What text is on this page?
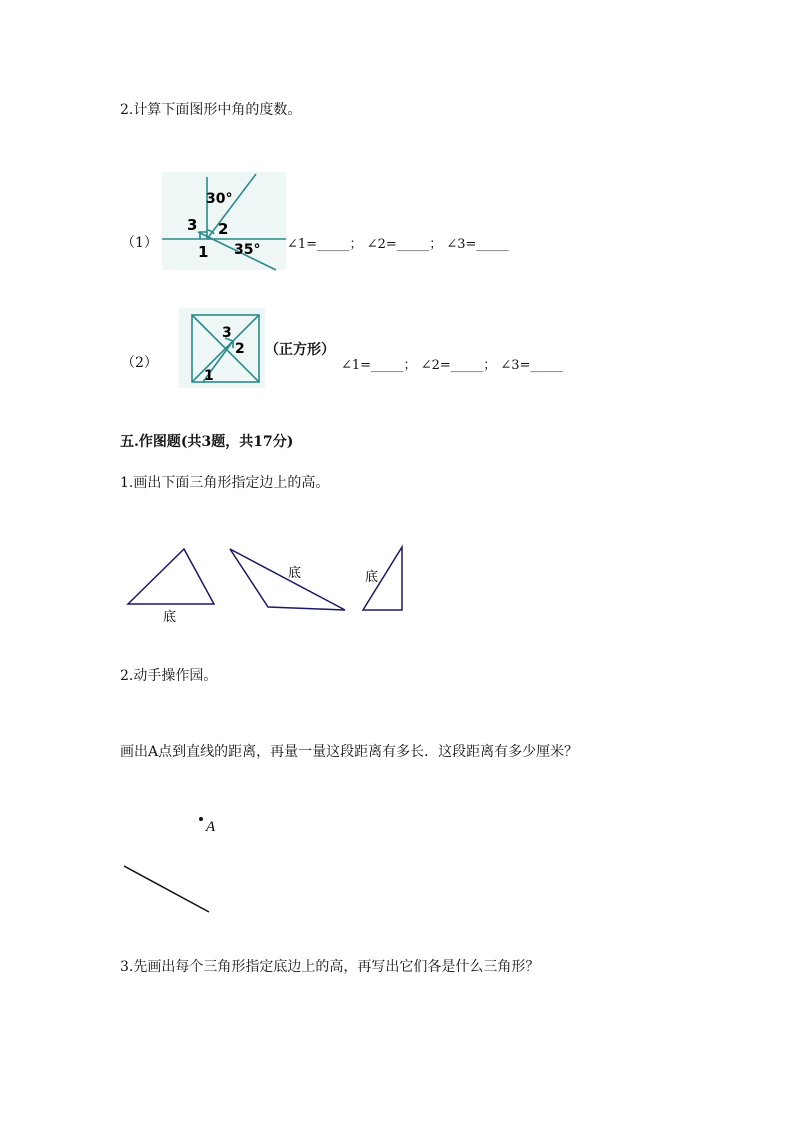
2.计算下面图形中角的度数。
（1）
30°
3 2
35°
1	∠1=_____； ∠2=_____； ∠3=_____
（2）
3
2
1
（正方形）
∠1=_____； ∠2=_____； ∠3=_____
五.作图题(共3题，共17分)
1.画出下面三角形指定边上的高。
底
底	底
2.动手操作园。
画出A点到直线的距离，再量一量这段距离有多长．这段距离有多少厘米？
A
3.先画出每个三角形指定底边上的高，再写出它们各是什么三角形？
